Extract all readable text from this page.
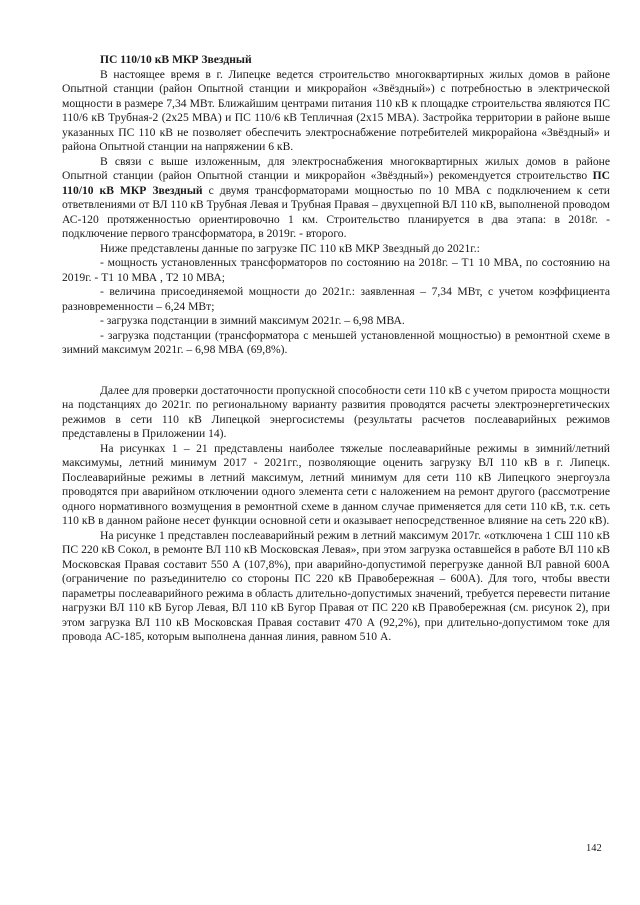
ПС 110/10 кВ МКР Звездный

В настоящее время в г. Липецке ведется строительство многоквартирных жилых домов в районе Опытной станции (район Опытной станции и микрорайон «Звёздный») с потребностью в электрической мощности в размере 7,34 МВт. Ближайшим центрами питания 110 кВ к площадке строительства являются ПС 110/6 кВ Трубная-2 (2х25 МВА) и ПС 110/6 кВ Тепличная (2х15 МВА). Застройка территории в районе выше указанных ПС 110 кВ не позволяет обеспечить электроснабжение потребителей микрорайона «Звёздный» и района Опытной станции на напряжении 6 кВ.

В связи с выше изложенным, для электроснабжения многоквартирных жилых домов в районе Опытной станции (район Опытной станции и микрорайон «Звёздный») рекомендуется строительство ПС 110/10 кВ МКР Звездный с двумя трансформаторами мощностью по 10 МВА с подключением к сети ответвлениями от ВЛ 110 кВ Трубная Левая и Трубная Правая – двухцепной ВЛ 110 кВ, выполненой проводом АС-120 протяженностью ориентировочно 1 км. Строительство планируется в два этапа: в 2018г. - подключение первого трансформатора, в 2019г. - второго.

Ниже представлены данные по загрузке ПС 110 кВ МКР Звездный до 2021г.:

- мощность установленных трансформаторов по состоянию на 2018г. – Т1 10 МВА, по состоянию на 2019г. - Т1 10 МВА , Т2 10 МВА;

- величина присоединяемой мощности до 2021г.: заявленная – 7,34 МВт, с учетом коэффициента разновременности – 6,24 МВт;

- загрузка подстанции в зимний максимум 2021г. – 6,98 МВА.

- загрузка подстанции (трансформатора с меньшей установленной мощностью) в ремонтной схеме в зимний максимум 2021г. – 6,98 МВА (69,8%).

Далее для проверки достаточности пропускной способности сети 110 кВ с учетом прироста мощности на подстанциях до 2021г. по региональному варианту развития проводятся расчеты электроэнергетических режимов в сети 110 кВ Липецкой энергосистемы (результаты расчетов послеаварийных режимов представлены в Приложении 14).

На рисунках 1 – 21 представлены наиболее тяжелые послеаварийные режимы в зимний/летний максимумы, летний минимум 2017 - 2021гг., позволяющие оценить загрузку ВЛ 110 кВ в г. Липецк. Послеаварийные режимы в летний максимум, летний минимум для сети 110 кВ Липецкого энергоузла проводятся при аварийном отключении одного элемента сети с наложением на ремонт другого (рассмотрение одного нормативного возмущения в ремонтной схеме в данном случае применяется для сети 110 кВ, т.к. сеть 110 кВ в данном районе несет функции основной сети и оказывает непосредственное влияние на сеть 220 кВ).

На рисунке 1 представлен послеаварийный режим в летний максимум 2017г. «отключена 1 СШ 110 кВ ПС 220 кВ Сокол, в ремонте ВЛ 110 кВ Московская Левая», при этом загрузка оставшейся в работе ВЛ 110 кВ Московская Правая составит 550 А (107,8%), при аварийно-допустимой перегрузке данной ВЛ равной 600А (ограничение по разъединителю со стороны ПС 220 кВ Правобережная – 600А). Для того, чтобы ввести параметры послеаварийного режима в область длительно-допустимых значений, требуется перевести питание нагрузки ВЛ 110 кВ Бугор Левая, ВЛ 110 кВ Бугор Правая от ПС 220 кВ Правобережная (см. рисунок 2), при этом загрузка ВЛ 110 кВ Московская Правая составит 470 А (92,2%), при длительно-допустимом токе для провода АС-185, которым выполнена данная линия, равном 510 А.

142
